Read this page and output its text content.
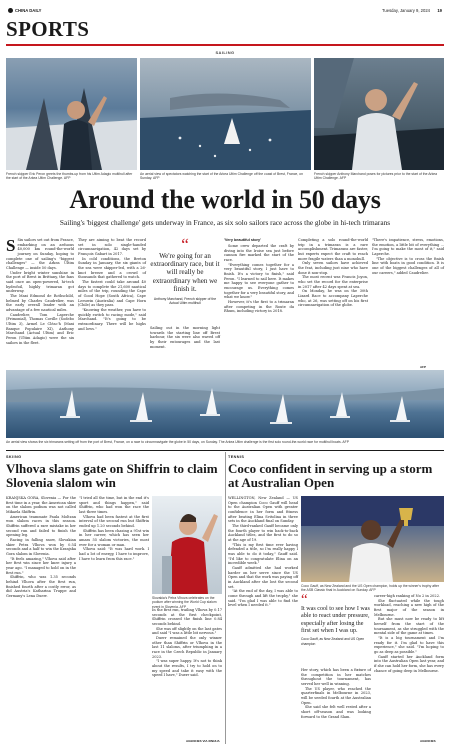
CHINA DAILY	Tuesday, January 9, 2024 19
SPORTS
SAILING
French skipper Eric Peron greets the thumbs-up from his Ultim Adagio multihull after the start of the Arkea Ultim Challenge. AFP
An aerial view of spectators watching the start of the Arkea Ultim Challenge off the coast of Brest, France, on Sunday. AFP
French skipper Anthony Marchand poses for pictures prior to the start of the Arkea Ultim Challenge. AFP
Around the world in 50 days
Sailing's 'biggest challenge' gets underway in France, as six solo sailors race across the globe in hi-tech trimarans

S Six sailors set out from France, embarking on an arduous 40,000 km round-the-world journey on Sunday, hoping to complete one of sailing's "biggest challenges" — the Arkea Ultim Challenge — inside 50 days.

Under bright winter sunshine in the port of Brest in Brittany, the fans said once an open-powered, hi-tech hydrofoil, highly trimaran got underway.

The Maxi Edmond de Rothschild, helmed by Charles Caudrelier, was the early overall leader with an advantage of a few nautical miles.

Caudrelier, Tom Laperche (Primonial), Thomas Coville (Sodebo Ultim 3), Armel Le Cléac'h (Maxi Banque Populaire XI), Anthony Marchand (Actual Ultim) and Eric Peron (Ultim Adagio) were the six sailors in the fleet.

They are aiming to beat the record set in solo single-handed circumnavigation, 42 days set by François Gabart in 2017.

In cold conditions, the Breton Sunday in January, the six giants of the sea were skipper-led, with a 26-knot breeze and a crowd of thousands that gathered to watch.

The fastest could take around 40 days to complete the 21,600 nautical miles of the trip, rounding the Cape of Good Hope (South Africa), Cape Leeuwin (Australia) and Cape Horn (Chile) as they pass.

"Knowing the weather, you have to quickly switch to racing mode," said Marchand. "It's going to be extraordinary. There will be highs and lows."

“
We're going for an extraordinary race, but it will really be extraordinary when we finish it.
Anthony Marchand, French skipper of the Actual Ultim multihull

Sailing out in the morning light towards the starting line off Brest harbour, the six were also waved off by their entourages and the last moment.

'Very beautiful story'

Some crew departed the craft by diving into the Iroise sea just before cannon fire marked the start of the race.

"Everything comes together for a very beautiful story, I just have to finish. It's a victory to finish," said Peron. "I learned to sail here. It makes me happy to see everyone gather to encourage us. Everything comes together for a very beautiful story, and what we know."

However, it's the first to a trimaran after competing in the Route du Rhum, including victory in 2018.

Completing a solo round-the-world trip in a trimaran is a rare accomplishment. Trimarans are faster, but experts expect the craft to reach more fragile waters than a monohull.

Only seven sailors have achieved the feat, including just nine who have done it non-stop.

The most recent was Francis Joyon, who set the record for the enterprise in 2017 after 42 days spent at sea.

On Monday, he was on the 30th Lizard Race to accompany Laperche who, at 26, was setting off on his first circumnavigation of the globe.

"There's impatience, stress, emotions, the emotion, a little bit of everything ... I'm going to make the most of it," said Laperche.

"The objective is to cross the finish line with boats in good condition. It is one of the biggest challenges of all of our careers," added Caudrelier.

AFP
An aerial view shows the six trimarans setting off from the port of Brest, France, on a race to circumnavigate the globe in 50 days, on Sunday. The Arkea Ultim challenge is the first solo round-the-world race for multihull boats. AFP
SKIING
Vlhova slams gate on Shiffrin to claim Slovenia slalom win

KRANJSKA GORA, Slovenia — For the first time in a year, the American skier on the slalom podium was not called Mikaela Shiffrin.

American teammate Paula Moltzan won slalom races in this season. Shiffrin suffered a rare mistake in her second run and failed to finish the opening leg.

Racing in falling snow, Slovakian skier Petra Vlhova won by 0.54 seconds and a half to win the Kranjska Gora slalom in Slovenia.

"It feels amazing," Vlhova said after her first win since her knee injury a year ago. "I managed to hold on in the first run."

Shiffrin, who was 1.35 seconds behind Vlhova after the first run, finished fourth after a costly error, as did Austria's Katharina Truppe and Germany's Lena Duerr.

"I tried all the time, but in the end it's sport and things happen," said Shiffrin, who had won the race the last three times.

Vlhova had been fastest at the first interval of the second run but Shiffrin ended up 1.20 seconds behind.

Shiffrin has been chasing a 91st win in her career, which has seen her amass 55 slalom victories, the most ever for a woman or man.

Vlhova said: "It was hard work. I had a lot of energy, I have to improve, I have to learn from this race."

Slovakia's Petra Vlhova celebrates on the podium after winning the World Cup slalom event in Slovenia. AFP

In the first run, trailing Vlhova by 0.17 seconds at the first checkpoint, Shiffrin crossed the finish line 0.84 seconds behind.

She was off slightly on the last gates and said "I was a little bit nervous."

Duerr remained the only winner other than Shiffrin or Vlhova in the last 11 slaloms, after triumphing in a race in the Czech Republic in January 2023.

"I was super happy. It's not to think about the results, I try to hold on to my speed and take it easy with the speed I have," Duerr said.

AGENCIES VIA XINHUA
TENNIS
Coco confident in serving up a storm at Australian Open

WELLINGTON, New Zealand — US Open champion Coco Gauff will head to the Australian Open with greater confidence in her form and fitness after beating Elina Svitolina in three sets in the Auckland final on Sunday.

The third-ranked Gauff became only the fourth player to win back-to-back Auckland titles, and the first to do so at the age of 19.

"This is my first time ever having defended a title, so I'm really happy I was able to do it today," Gauff said. "I'd like to congratulate Elina on an incredible week."

Gauff admitted she had worked harder on her serve since the US Open and that the work was paying off in Auckland after she lost the second set.

"At the end of the day, I was able to come through and lift the trophy," she said. "I'm glad I was able to find the level when I needed it."

Coco Gauff, as New Zealand and the US Open champion, holds up the winner's trophy after the ASB Classic final in Auckland on Sunday. AFP
“
It was cool to see how I was able to react under pressure, especially after losing the first set when I was up.
Coco Gauff, as New Zealand and US Open champion

Her story, which has been a fixture of the competition in her matches throughout the tournament, has served her well in winning.

The US player, who reached the quarterfinals in Melbourne in 2023, will be seeded fourth at the Australian Open.

She said she felt well rested after a short off-season and was looking forward to the Grand Slam.

career-high ranking of No 2 in 2022.

She fluctuated while the tough workload, reaching a new high of the first major of the season in Melbourne.

But she must now be ready to lift herself from the start of the tournament, as she struggled with the mental side of the game at times.

"It is a big tournament and I'm ready for it. I'm glad to have this experience," she said. "I'm hoping to go as deep as possible."

Gauff started her Auckland form into the Australian Open last year, and if she can hold her form, she has every chance of going deep in Melbourne.

AGENCIES
